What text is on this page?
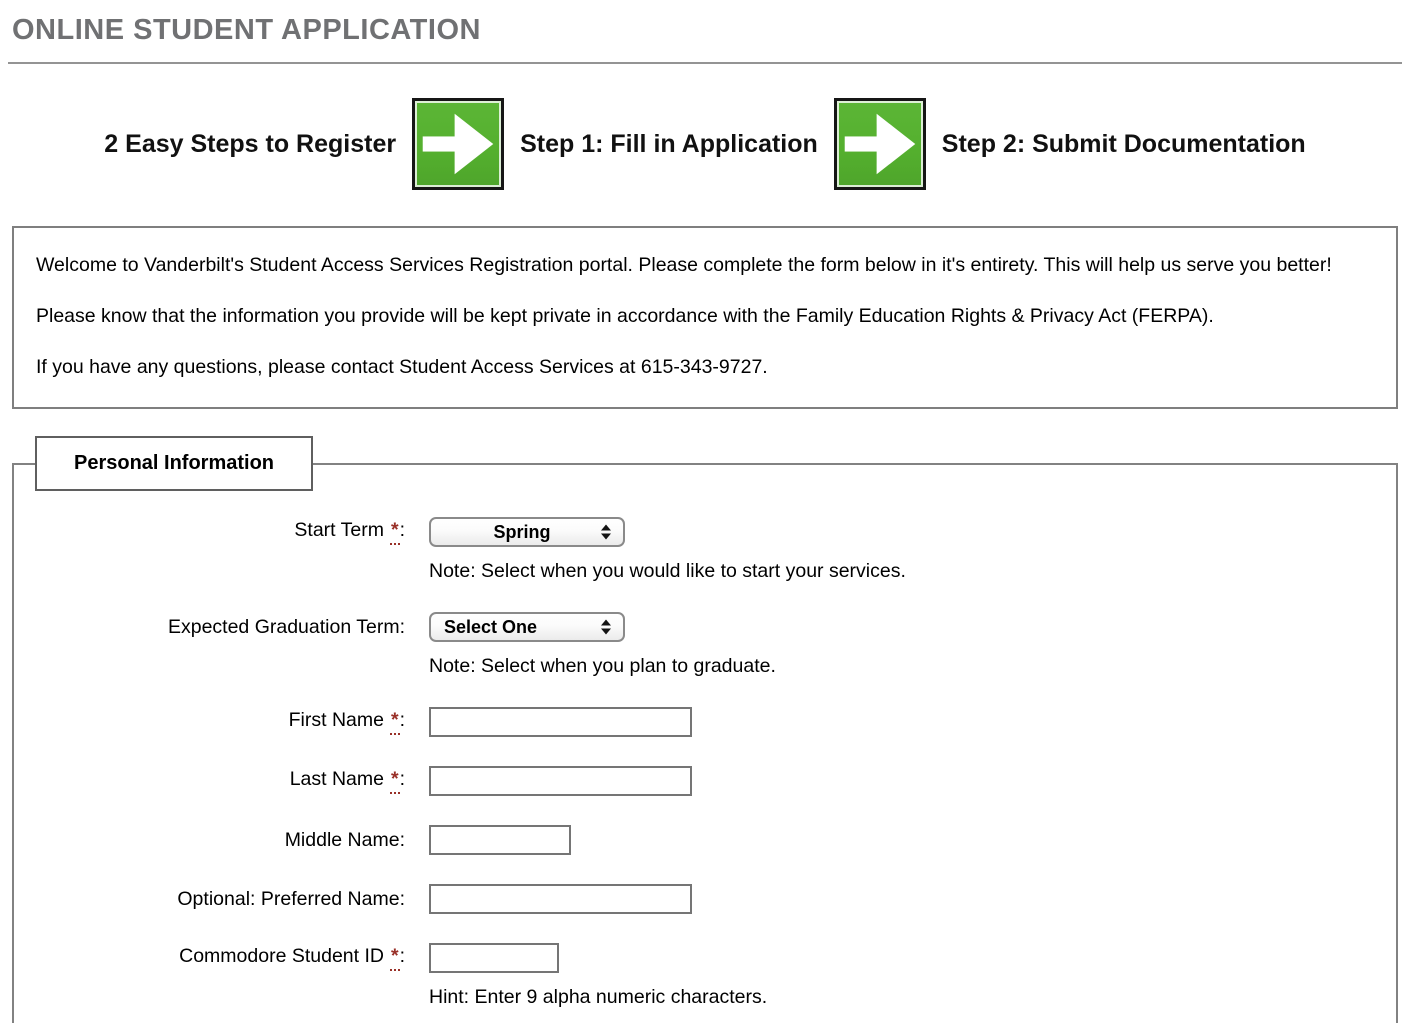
ONLINE STUDENT APPLICATION
2 Easy Steps to Register	Step 1: Fill in Application	Step 2: Submit Documentation

Welcome to Vanderbilt's Student Access Services Registration portal. Please complete the form below in it's entirety. This will help us serve you better!

Please know that the information you provide will be kept private in accordance with the Family Education Rights & Privacy Act (FERPA).

If you have any questions, please contact Student Access Services at 615-343-9727.

Personal Information
Start Term *:	Spring
Note: Select when you would like to start your services.
Expected Graduation Term:	Select One
Note: Select when you plan to graduate.
First Name *:
Last Name *:
Middle Name:
Optional: Preferred Name:
Commodore Student ID *:
Hint: Enter 9 alpha numeric characters.
